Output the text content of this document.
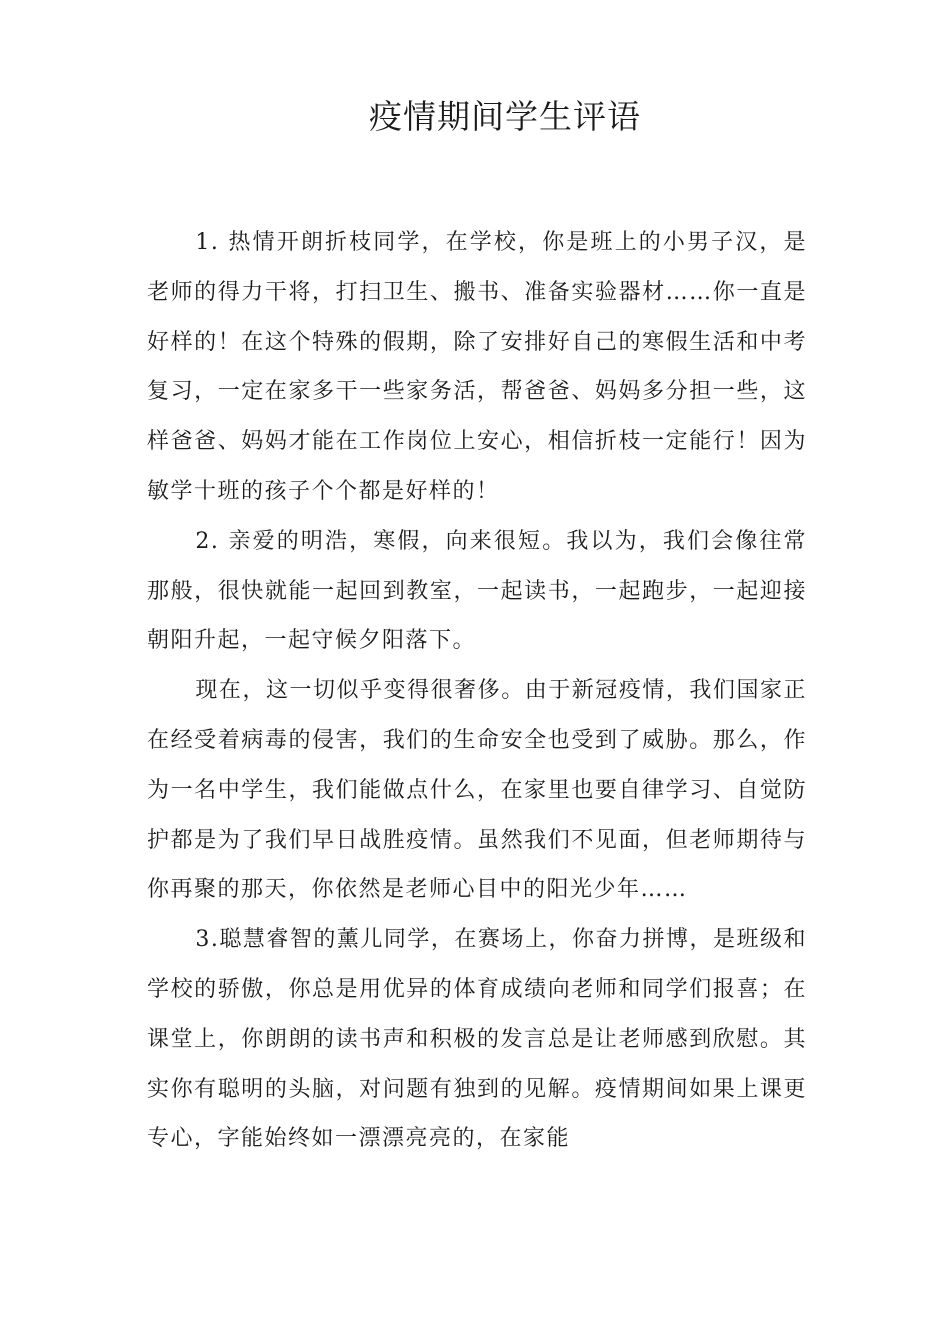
疫情期间学生评语

1. 热情开朗折枝同学，在学校，你是班上的小男子汉，是老师的得力干将，打扫卫生、搬书、准备实验器材……你一直是好样的！在这个特殊的假期，除了安排好自己的寒假生活和中考复习，一定在家多干一些家务活，帮爸爸、妈妈多分担一些，这样爸爸、妈妈才能在工作岗位上安心，相信折枝一定能行！因为敏学十班的孩子个个都是好样的！

2. 亲爱的明浩，寒假，向来很短。我以为，我们会像往常那般，很快就能一起回到教室，一起读书，一起跑步，一起迎接朝阳升起，一起守候夕阳落下。

现在，这一切似乎变得很奢侈。由于新冠疫情，我们国家正在经受着病毒的侵害，我们的生命安全也受到了威胁。那么，作为一名中学生，我们能做点什么，在家里也要自律学习、自觉防护都是为了我们早日战胜疫情。虽然我们不见面，但老师期待与你再聚的那天，你依然是老师心目中的阳光少年……

3.聪慧睿智的薰儿同学，在赛场上，你奋力拼博，是班级和学校的骄傲，你总是用优异的体育成绩向老师和同学们报喜；在课堂上，你朗朗的读书声和积极的发言总是让老师感到欣慰。其实你有聪明的头脑，对问题有独到的见解。疫情期间如果上课更专心，字能始终如一漂漂亮亮的，在家能
